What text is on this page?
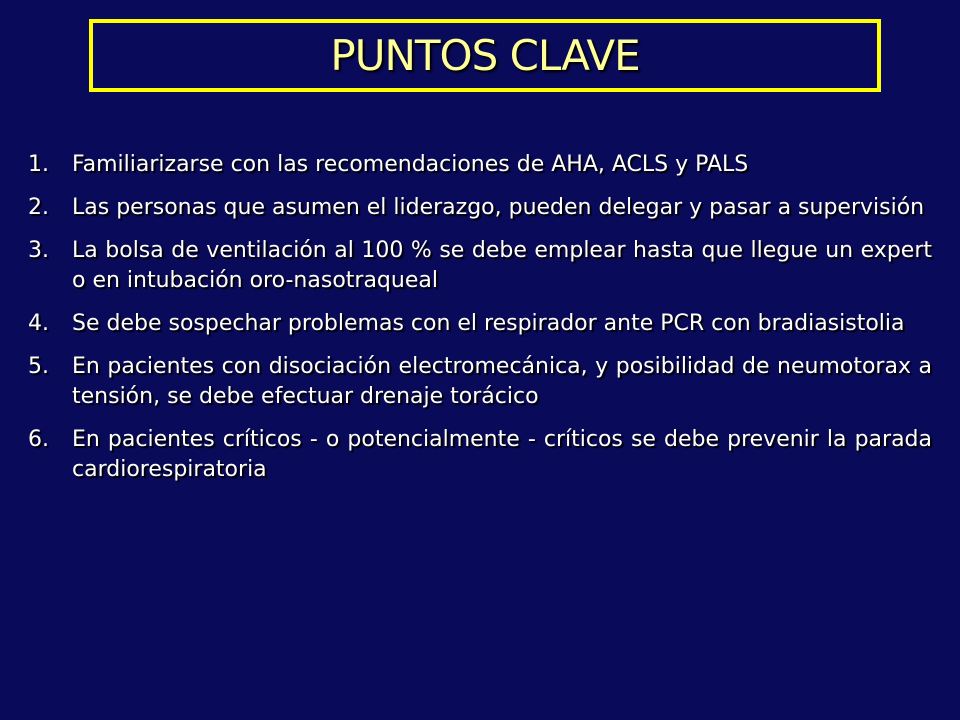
PUNTOS CLAVE
1.	Familiarizarse con las recomendaciones de AHA, ACLS y PALS
2.	Las personas que asumen el liderazgo, pueden delegar y pasar a supervisión
3.	La bolsa de ventilación al 100 % se debe emplear hasta que llegue un experto en intubación oro-nasotraqueal
4.	Se debe sospechar problemas con el respirador ante PCR con bradiasistolia
5.	En pacientes con disociación electromecánica, y posibilidad de neumotorax a tensión, se debe efectuar drenaje torácico
6.	En pacientes críticos - o potencialmente - críticos se debe prevenir la parada cardiorespiratoria
